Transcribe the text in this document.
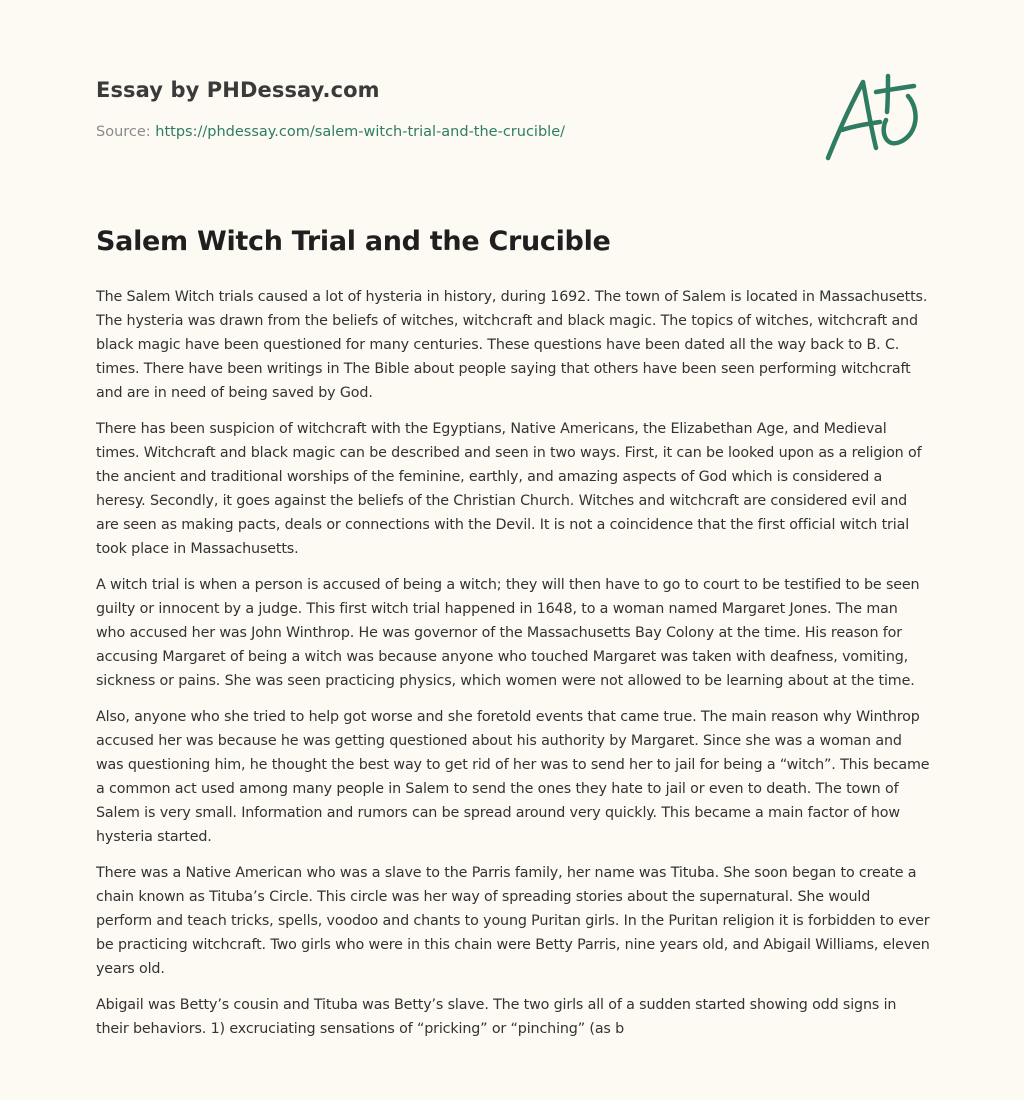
Essay by PHDessay.com
Source: https://phdessay.com/salem-witch-trial-and-the-crucible/
Salem Witch Trial and the Crucible

The Salem Witch trials caused a lot of hysteria in history, during 1692. The town of Salem is located in Massachusetts. The hysteria was drawn from the beliefs of witches, witchcraft and black magic. The topics of witches, witchcraft and black magic have been questioned for many centuries. These questions have been dated all the way back to B. C. times. There have been writings in The Bible about people saying that others have been seen performing witchcraft and are in need of being saved by God.

There has been suspicion of witchcraft with the Egyptians, Native Americans, the Elizabethan Age, and Medieval times. Witchcraft and black magic can be described and seen in two ways. First, it can be looked upon as a religion of the ancient and traditional worships of the feminine, earthly, and amazing aspects of God which is considered a heresy. Secondly, it goes against the beliefs of the Christian Church. Witches and witchcraft are considered evil and are seen as making pacts, deals or connections with the Devil. It is not a coincidence that the first official witch trial took place in Massachusetts.

A witch trial is when a person is accused of being a witch; they will then have to go to court to be testified to be seen guilty or innocent by a judge. This first witch trial happened in 1648, to a woman named Margaret Jones. The man who accused her was John Winthrop. He was governor of the Massachusetts Bay Colony at the time. His reason for accusing Margaret of being a witch was because anyone who touched Margaret was taken with deafness, vomiting, sickness or pains. She was seen practicing physics, which women were not allowed to be learning about at the time.

Also, anyone who she tried to help got worse and she foretold events that came true. The main reason why Winthrop accused her was because he was getting questioned about his authority by Margaret. Since she was a woman and was questioning him, he thought the best way to get rid of her was to send her to jail for being a “witch”. This became a common act used among many people in Salem to send the ones they hate to jail or even to death. The town of Salem is very small. Information and rumors can be spread around very quickly. This became a main factor of how hysteria started.

There was a Native American who was a slave to the Parris family, her name was Tituba. She soon began to create a chain known as Tituba’s Circle. This circle was her way of spreading stories about the supernatural. She would perform and teach tricks, spells, voodoo and chants to young Puritan girls. In the Puritan religion it is forbidden to ever be practicing witchcraft. Two girls who were in this chain were Betty Parris, nine years old, and Abigail Williams, eleven years old.

Abigail was Betty’s cousin and Tituba was Betty’s slave. The two girls all of a sudden started showing odd signs in their behaviors. 1) excruciating sensations of “pricking” or “pinching” (as b
